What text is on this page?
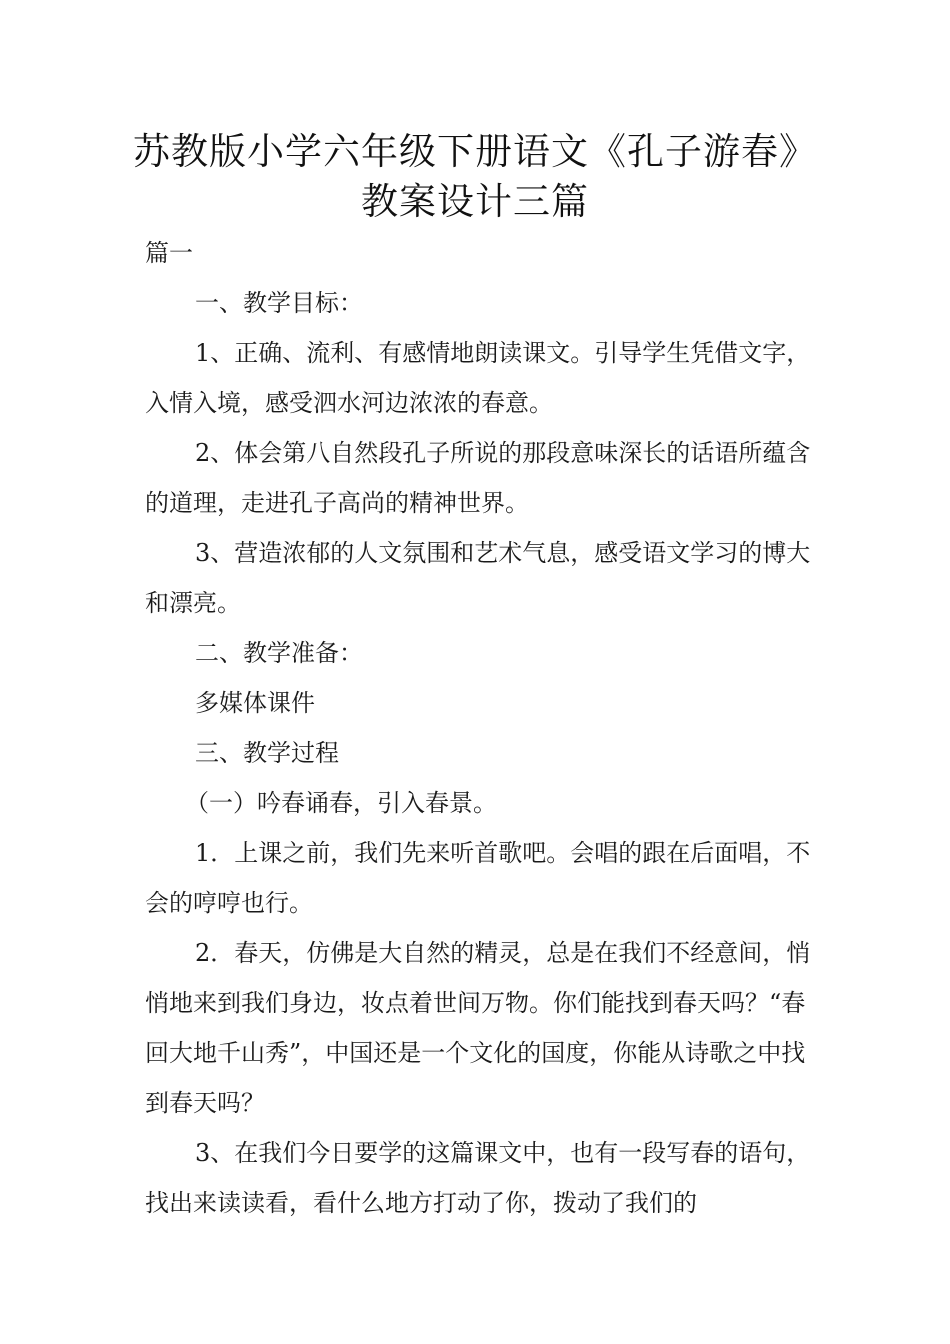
苏教版小学六年级下册语文《孔子游春》
教案设计三篇

篇一

一、教学目标：

1、正确、流利、有感情地朗读课文。引导学生凭借文字，入情入境，感受泗水河边浓浓的春意。

2、体会第八自然段孔子所说的那段意味深长的话语所蕴含的道理，走进孔子高尚的精神世界。

3、营造浓郁的人文氛围和艺术气息，感受语文学习的博大和漂亮。

二、教学准备：

多媒体课件

三、教学过程

（一）吟春诵春，引入春景。

1．上课之前，我们先来听首歌吧。会唱的跟在后面唱，不会的哼哼也行。

2．春天，仿佛是大自然的精灵，总是在我们不经意间，悄悄地来到我们身边，妆点着世间万物。你们能找到春天吗？“春回大地千山秀”，中国还是一个文化的国度，你能从诗歌之中找到春天吗？

3、在我们今日要学的这篇课文中，也有一段写春的语句，找出来读读看，看什么地方打动了你，拨动了我们的
